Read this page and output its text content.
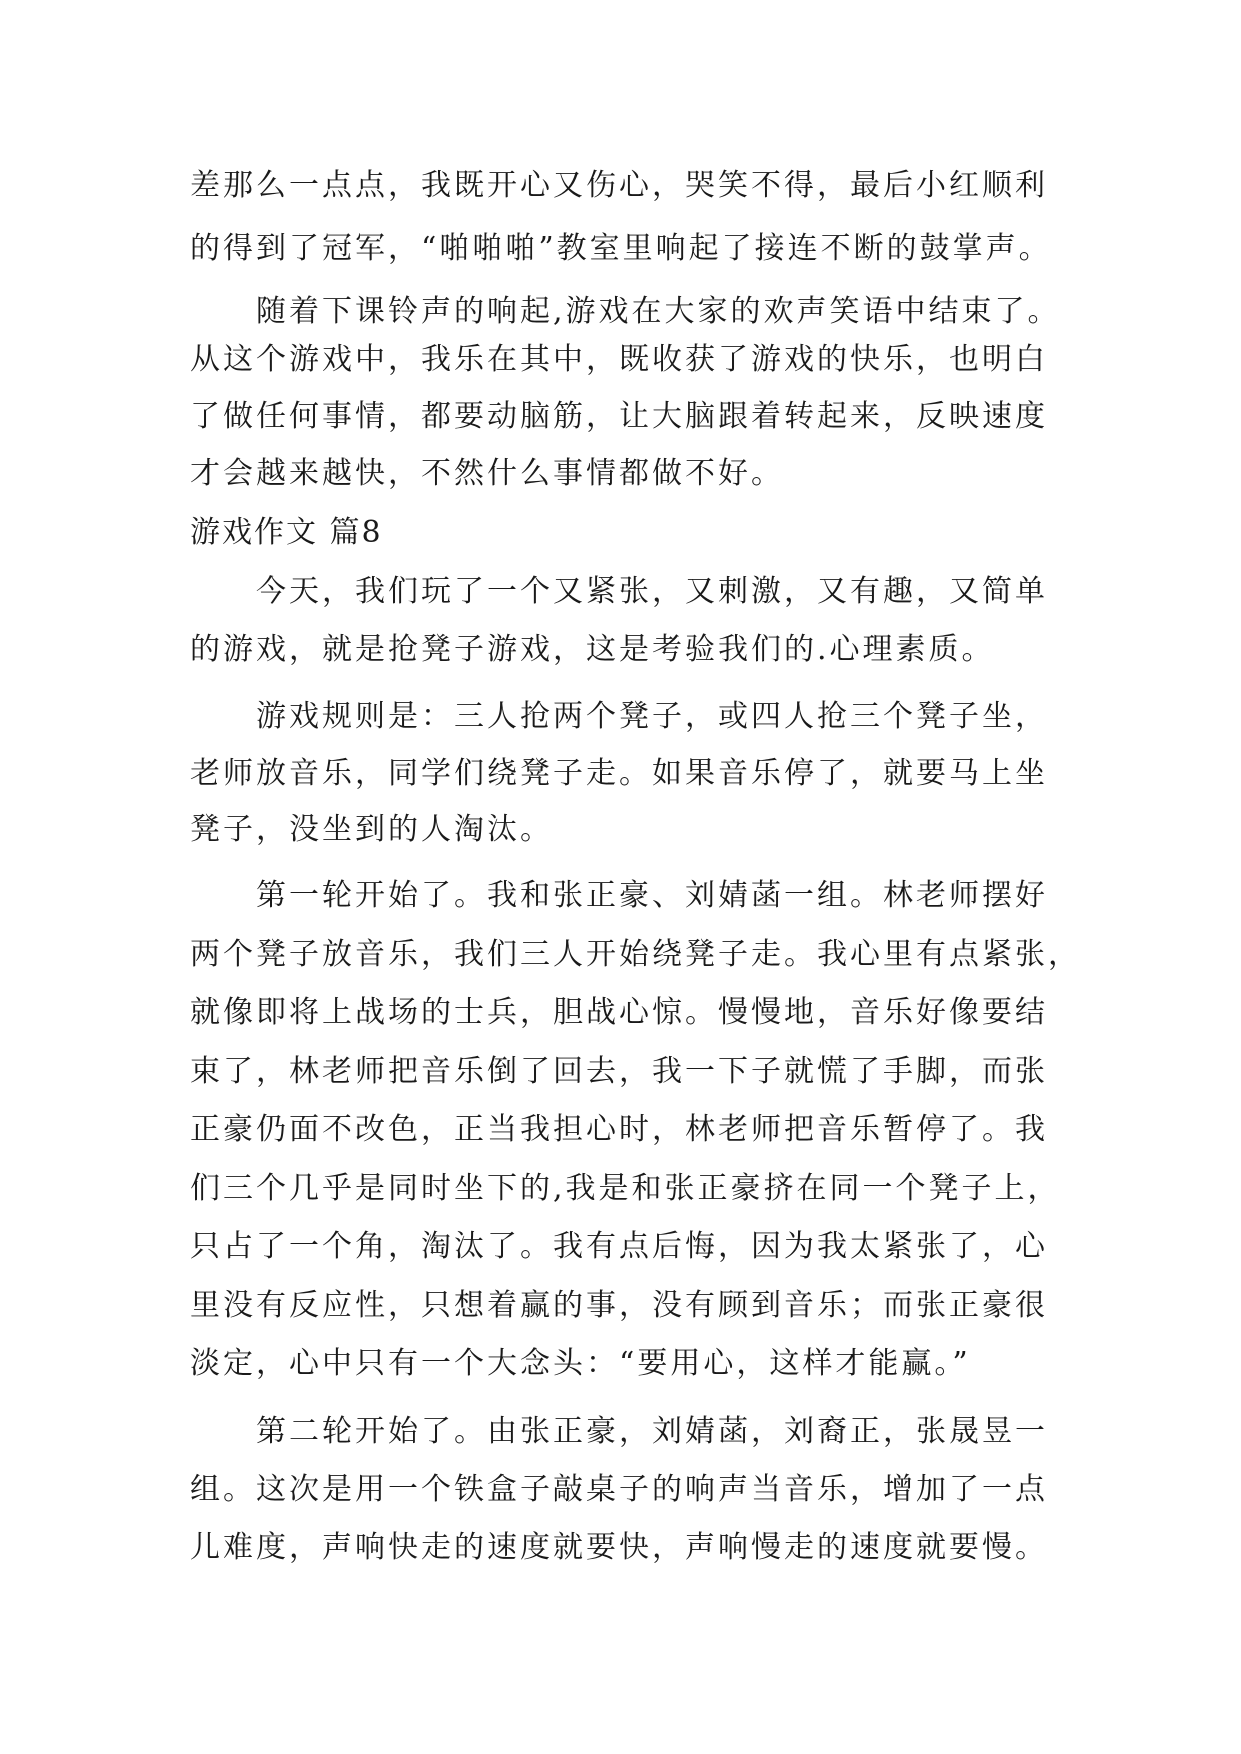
差那么一点点，我既开心又伤心，哭笑不得，最后小红顺利
的得到了冠军，“啪啪啪”教室里响起了接连不断的鼓掌声。
随着下课铃声的响起,游戏在大家的欢声笑语中结束了。
从这个游戏中，我乐在其中，既收获了游戏的快乐，也明白
了做任何事情，都要动脑筋，让大脑跟着转起来，反映速度
才会越来越快，不然什么事情都做不好。
游戏作文 篇8
今天，我们玩了一个又紧张，又刺激，又有趣，又简单
的游戏，就是抢凳子游戏，这是考验我们的.心理素质。
游戏规则是：三人抢两个凳子，或四人抢三个凳子坐，
老师放音乐，同学们绕凳子走。如果音乐停了，就要马上坐
凳子，没坐到的人淘汰。
第一轮开始了。我和张正豪、刘婧菡一组。林老师摆好
两个凳子放音乐，我们三人开始绕凳子走。我心里有点紧张，
就像即将上战场的士兵，胆战心惊。慢慢地，音乐好像要结
束了，林老师把音乐倒了回去，我一下子就慌了手脚，而张
正豪仍面不改色，正当我担心时，林老师把音乐暂停了。我
们三个几乎是同时坐下的,我是和张正豪挤在同一个凳子上，
只占了一个角，淘汰了。我有点后悔，因为我太紧张了，心
里没有反应性，只想着赢的事，没有顾到音乐；而张正豪很
淡定，心中只有一个大念头：“要用心，这样才能赢。”
第二轮开始了。由张正豪，刘婧菡，刘裔正，张晟昱一
组。这次是用一个铁盒子敲桌子的响声当音乐，增加了一点
儿难度，声响快走的速度就要快，声响慢走的速度就要慢。
